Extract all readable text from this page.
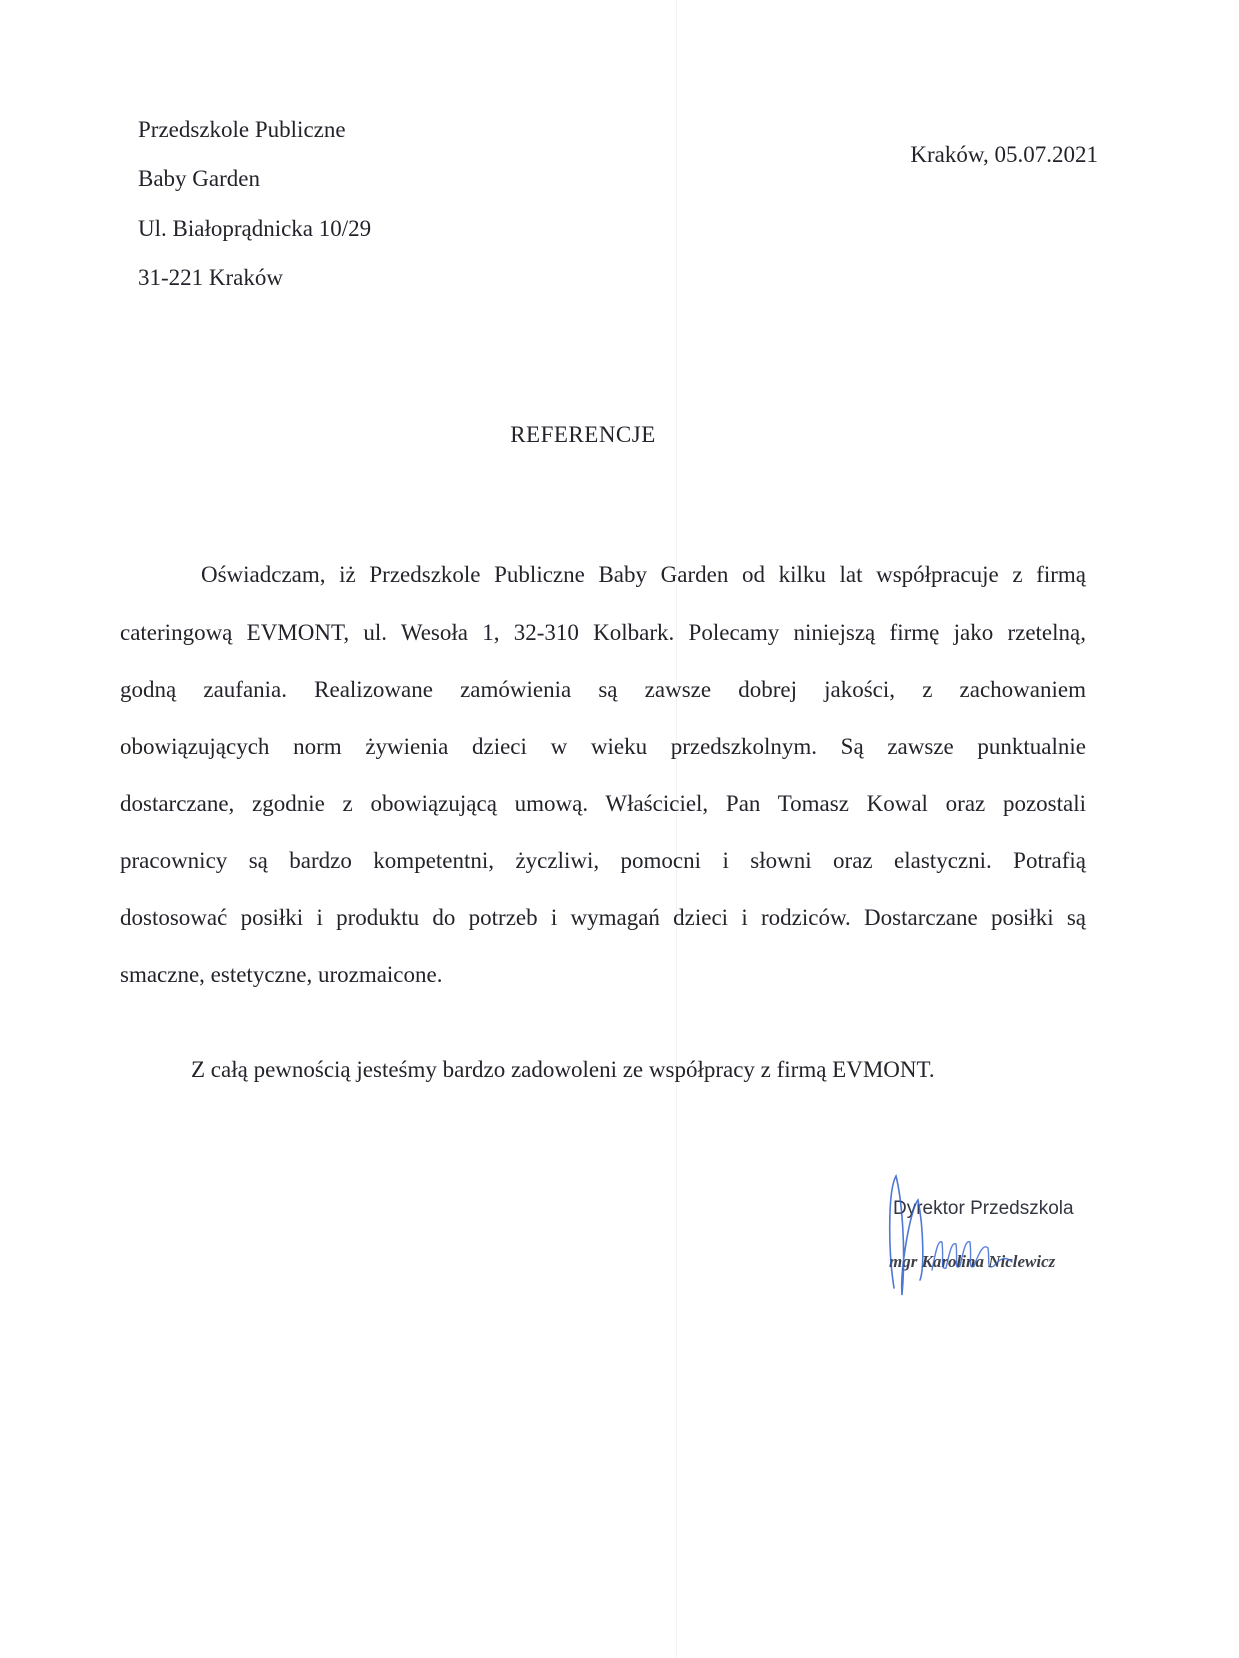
Przedszkole Publiczne
Baby Garden
Ul. Białoprądnicka 10/29
31-221 Kraków
Kraków, 05.07.2021
REFERENCJE
Oświadczam, iż Przedszkole Publiczne Baby Garden od kilku lat współpracuje z firmą
cateringową EVMONT, ul. Wesoła 1, 32-310 Kolbark. Polecamy niniejszą firmę jako rzetelną,
godną zaufania. Realizowane zamówienia są zawsze dobrej jakości, z zachowaniem
obowiązujących norm żywienia dzieci w wieku przedszkolnym. Są zawsze punktualnie
dostarczane, zgodnie z obowiązującą umową. Właściciel, Pan Tomasz Kowal oraz pozostali
pracownicy są bardzo kompetentni, życzliwi, pomocni i słowni oraz elastyczni. Potrafią
dostosować posiłki i produktu do potrzeb i wymagań dzieci i rodziców. Dostarczane posiłki są
smaczne, estetyczne, urozmaicone.
Z całą pewnością jesteśmy bardzo zadowoleni ze współpracy z firmą EVMONT.
Dyrektor Przedszkola
mgr Karolina Niclewicz
